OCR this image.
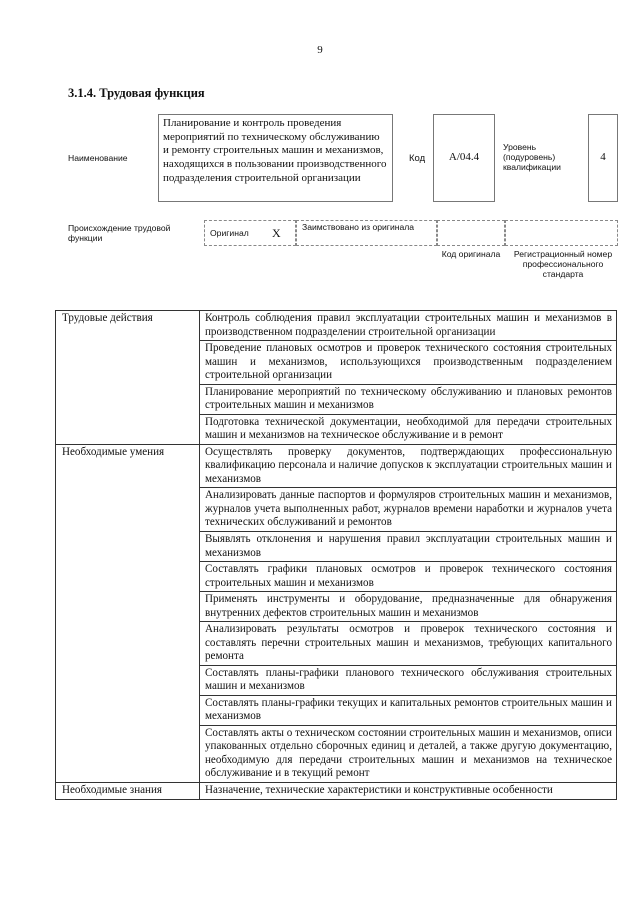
9
3.1.4. Трудовая функция
Наименование
Планирование и контроль проведения мероприятий по техническому обслуживанию и ремонту строительных машин и механизмов, находящихся в пользовании производственного подразделения строительной организации
Код	A/04.4
Уровень (подуровень) квалификации
4
Происхождение трудовой функции	Оригинал X Заимствовано из оригинала
Код оригинала	Регистрационный номер профессионального стандарта
Трудовые действия	Контроль соблюдения правил эксплуатации строительных машин и механизмов в производственном подразделении строительной организации
	Проведение плановых осмотров и проверок технического состояния строительных машин и механизмов, использующихся производственным подразделением строительной организации
	Планирование мероприятий по техническому обслуживанию и плановых ремонтов строительных машин и механизмов
	Подготовка технической документации, необходимой для передачи строительных машин и механизмов на техническое обслуживание и в ремонт
Необходимые умения	Осуществлять проверку документов, подтверждающих профессиональную квалификацию персонала и наличие допусков к эксплуатации строительных машин и механизмов
	Анализировать данные паспортов и формуляров строительных машин и механизмов, журналов учета выполненных работ, журналов времени наработки и журналов учета технических обслуживаний и ремонтов
	Выявлять отклонения и нарушения правил эксплуатации строительных машин и механизмов
	Составлять графики плановых осмотров и проверок технического состояния строительных машин и механизмов
	Применять инструменты и оборудование, предназначенные для обнаружения внутренних дефектов строительных машин и механизмов
	Анализировать результаты осмотров и проверок технического состояния и составлять перечни строительных машин и механизмов, требующих капитального ремонта
	Составлять планы-графики планового технического обслуживания строительных машин и механизмов
	Составлять планы-графики текущих и капитальных ремонтов строительных машин и механизмов
	Составлять акты о техническом состоянии строительных машин и механизмов, описи упакованных отдельно сборочных единиц и деталей, а также другую документацию, необходимую для передачи строительных машин и механизмов на техническое обслуживание и в текущий ремонт
Необходимые знания	Назначение, технические характеристики и конструктивные особенности
